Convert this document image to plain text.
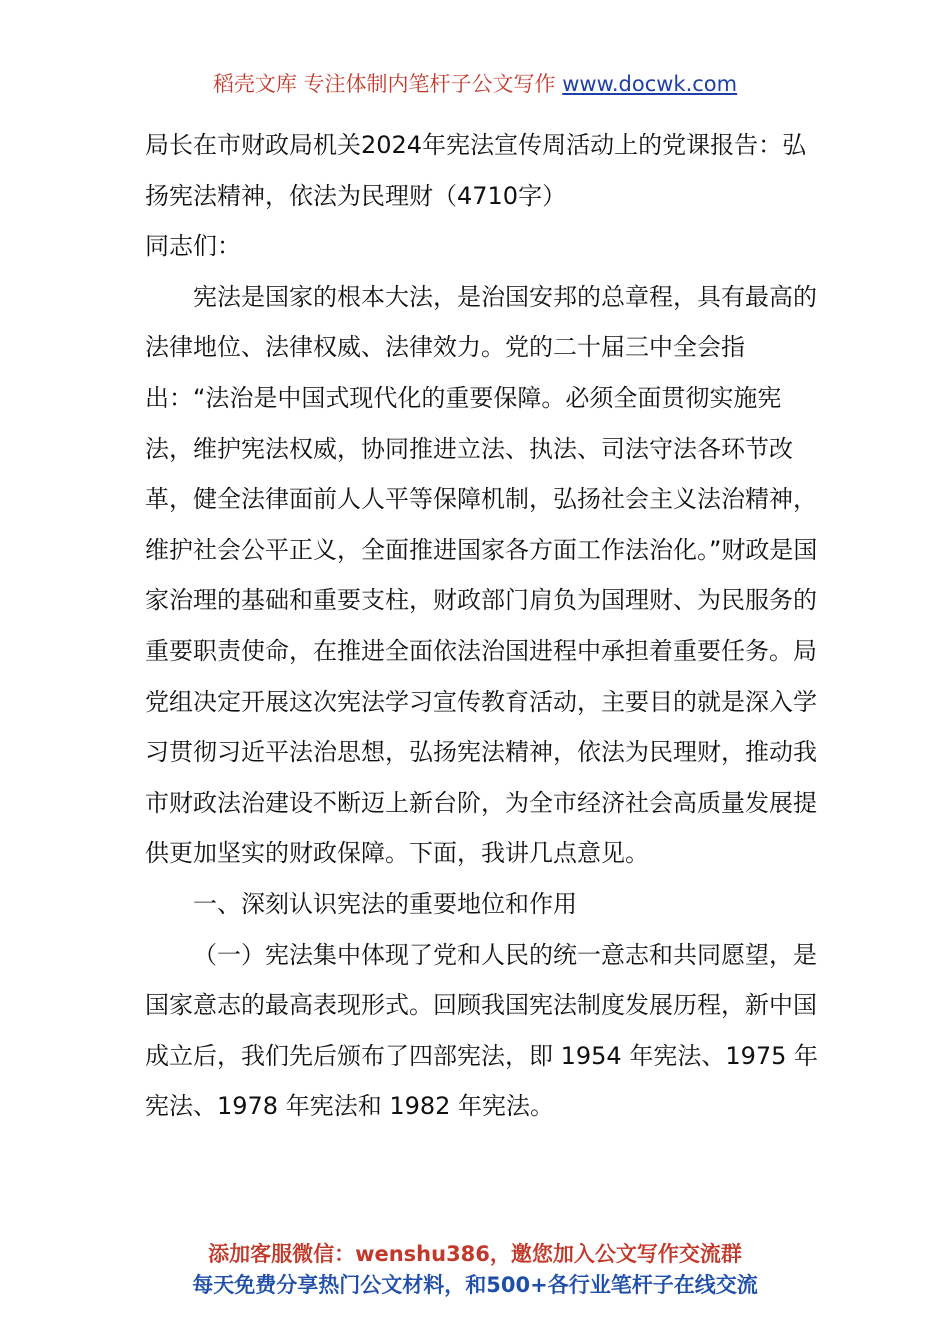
稻壳文库 专注体制内笔杆子公文写作 www.docwk.com

局长在市财政局机关2024年宪法宣传周活动上的党课报告：弘扬宪法精神，依法为民理财（4710字）

同志们：

宪法是国家的根本大法，是治国安邦的总章程，具有最高的法律地位、法律权威、法律效力。党的二十届三中全会指出：“法治是中国式现代化的重要保障。必须全面贯彻实施宪法，维护宪法权威，协同推进立法、执法、司法守法各环节改革，健全法律面前人人平等保障机制，弘扬社会主义法治精神，维护社会公平正义，全面推进国家各方面工作法治化。”财政是国家治理的基础和重要支柱，财政部门肩负为国理财、为民服务的重要职责使命，在推进全面依法治国进程中承担着重要任务。局党组决定开展这次宪法学习宣传教育活动，主要目的就是深入学习贯彻习近平法治思想，弘扬宪法精神，依法为民理财，推动我市财政法治建设不断迈上新台阶，为全市经济社会高质量发展提供更加坚实的财政保障。下面，我讲几点意见。

一、深刻认识宪法的重要地位和作用

（一）宪法集中体现了党和人民的统一意志和共同愿望，是国家意志的最高表现形式。回顾我国宪法制度发展历程，新中国成立后，我们先后颁布了四部宪法，即 1954 年宪法、1975 年宪法、1978 年宪法和 1982 年宪法。

添加客服微信：wenshu386，邀您加入公文写作交流群
每天免费分享热门公文材料，和500+各行业笔杆子在线交流
